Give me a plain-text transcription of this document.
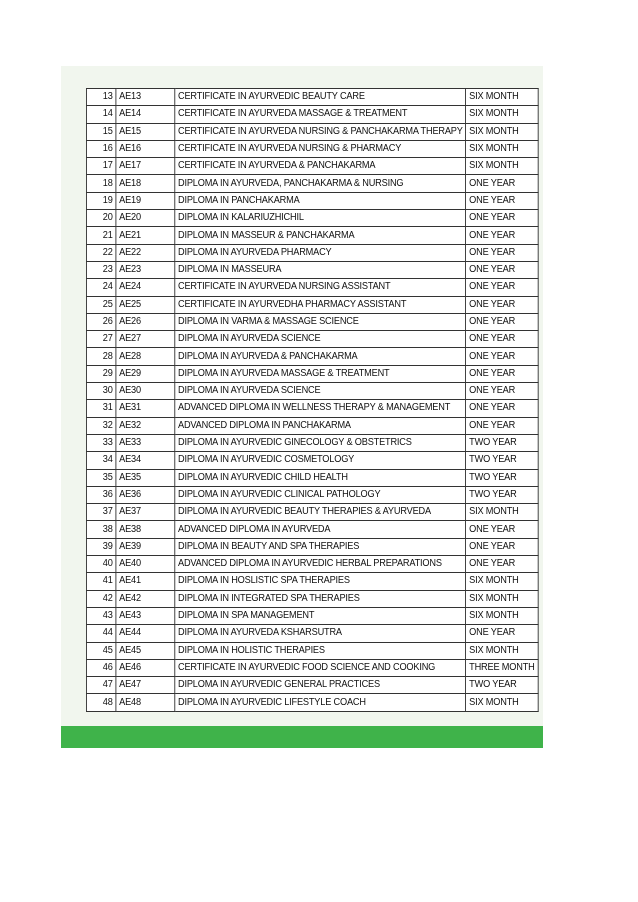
13	AE13	CERTIFICATE IN AYURVEDIC BEAUTY CARE	SIX MONTH
14	AE14	CERTIFICATE IN AYURVEDA MASSAGE & TREATMENT	SIX MONTH
15	AE15	CERTIFICATE IN AYURVEDA NURSING & PANCHAKARMA THERAPY	SIX MONTH
16	AE16	CERTIFICATE IN AYURVEDA NURSING & PHARMACY	SIX MONTH
17	AE17	CERTIFICATE IN AYURVEDA & PANCHAKARMA	SIX MONTH
18	AE18	DIPLOMA IN AYURVEDA, PANCHAKARMA & NURSING	ONE YEAR
19	AE19	DIPLOMA IN PANCHAKARMA	ONE YEAR
20	AE20	DIPLOMA IN KALARIUZHICHIL	ONE YEAR
21	AE21	DIPLOMA IN MASSEUR & PANCHAKARMA	ONE YEAR
22	AE22	DIPLOMA IN AYURVEDA PHARMACY	ONE YEAR
23	AE23	DIPLOMA IN MASSEURA	ONE YEAR
24	AE24	CERTIFICATE IN AYURVEDA NURSING ASSISTANT	ONE YEAR
25	AE25	CERTIFICATE IN AYURVEDHA PHARMACY ASSISTANT	ONE YEAR
26	AE26	DIPLOMA IN VARMA & MASSAGE SCIENCE	ONE YEAR
27	AE27	DIPLOMA IN AYURVEDA SCIENCE	ONE YEAR
28	AE28	DIPLOMA IN AYURVEDA & PANCHAKARMA	ONE YEAR
29	AE29	DIPLOMA IN AYURVEDA MASSAGE & TREATMENT	ONE YEAR
30	AE30	DIPLOMA IN AYURVEDA SCIENCE	ONE YEAR
31	AE31	ADVANCED DIPLOMA IN WELLNESS THERAPY & MANAGEMENT	ONE YEAR
32	AE32	ADVANCED DIPLOMA IN PANCHAKARMA	ONE YEAR
33	AE33	DIPLOMA IN AYURVEDIC GINECOLOGY & OBSTETRICS	TWO YEAR
34	AE34	DIPLOMA IN AYURVEDIC COSMETOLOGY	TWO YEAR
35	AE35	DIPLOMA IN AYURVEDIC CHILD HEALTH	TWO YEAR
36	AE36	DIPLOMA IN AYURVEDIC CLINICAL PATHOLOGY	TWO YEAR
37	AE37	DIPLOMA IN AYURVEDIC BEAUTY THERAPIES & AYURVEDA	SIX MONTH
38	AE38	ADVANCED DIPLOMA IN AYURVEDA	ONE YEAR
39	AE39	DIPLOMA IN BEAUTY AND SPA THERAPIES	ONE YEAR
40	AE40	ADVANCED DIPLOMA IN AYURVEDIC HERBAL PREPARATIONS	ONE YEAR
41	AE41	DIPLOMA IN HOSLISTIC SPA THERAPIES	SIX MONTH
42	AE42	DIPLOMA IN INTEGRATED SPA THERAPIES	SIX MONTH
43	AE43	DIPLOMA IN SPA MANAGEMENT	SIX MONTH
44	AE44	DIPLOMA IN AYURVEDA KSHARSUTRA	ONE YEAR
45	AE45	DIPLOMA IN HOLISTIC THERAPIES	SIX MONTH
46	AE46	CERTIFICATE IN AYURVEDIC FOOD SCIENCE AND COOKING	THREE MONTH
47	AE47	DIPLOMA IN AYURVEDIC GENERAL PRACTICES	TWO YEAR
48	AE48	DIPLOMA IN AYURVEDIC LIFESTYLE COACH	SIX MONTH
